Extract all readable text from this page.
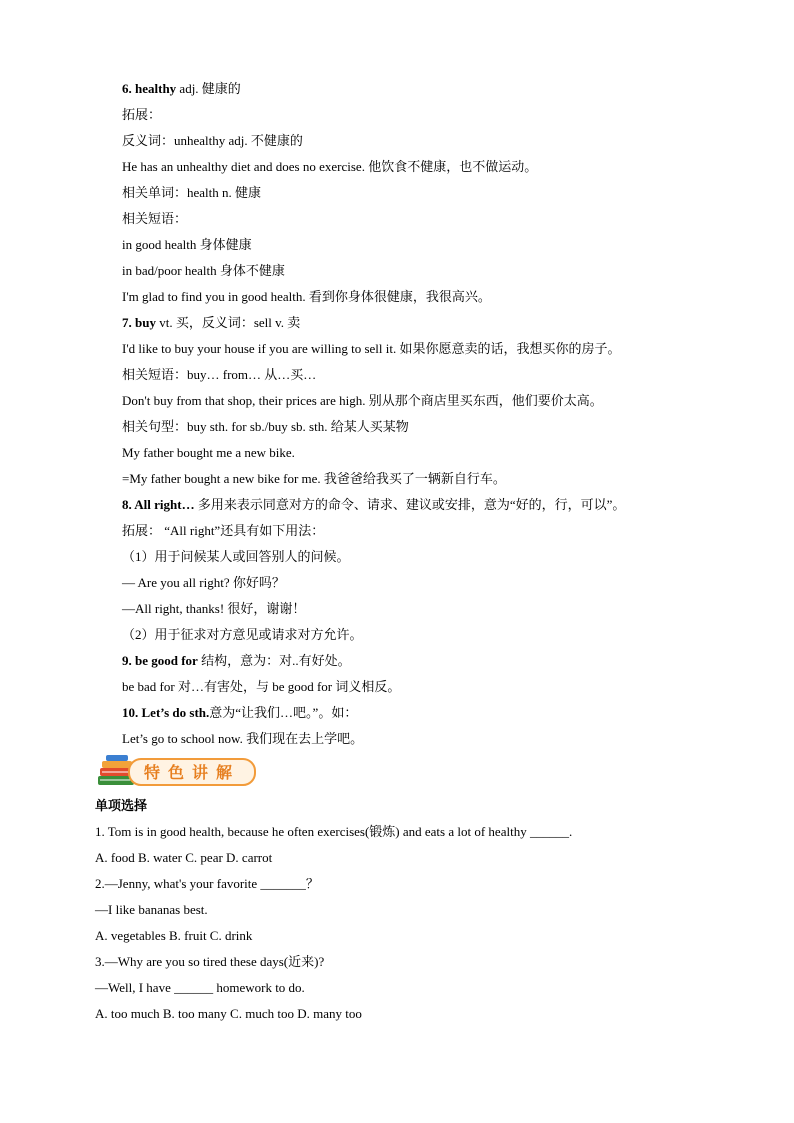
特色讲解
6. healthy adj. 健康的
拓展：
反义词：unhealthy adj. 不健康的
He has an unhealthy diet and does no exercise. 他饮食不健康，也不做运动。
相关单词：health n. 健康
相关短语：
in good health 身体健康
in bad/poor health 身体不健康
I'm glad to find you in good health. 看到你身体很健康，我很高兴。
7. buy vt. 买，反义词：sell v. 卖
I'd like to buy your house if you are willing to sell it. 如果你愿意卖的话，我想买你的房子。
相关短语：buy… from… 从…买…
Don't buy from that shop, their prices are high. 别从那个商店里买东西，他们要价太高。
相关句型：buy sth. for sb./buy sb. sth. 给某人买某物
My father bought me a new bike.
=My father bought a new bike for me. 我爸爸给我买了一辆新自行车。
8. All right… 多用来表示同意对方的命令、请求、建议或安排，意为“好的，行，可以”。
拓展： “All right”还具有如下用法：
（1）用于问候某人或回答别人的问候。
— Are you all right? 你好吗？
—All right, thanks! 很好，谢谢！
（2）用于征求对方意见或请求对方允许。
9. be good for 结构，意为：对..有好处。
be bad for 对…有害处，与 be good for 词义相反。
10. Let’s do sth.意为“让我们…吧。”。如：
Let’s go to school now. 我们现在去上学吧。
单项选择
1. Tom is in good health, because he often exercises(锻炼) and eats a lot of healthy ______.
A. food B. water C. pear D. carrot
2.—Jenny, what's your favorite _______？
—I like bananas best.
A. vegetables B. fruit C. drink
3.—Why are you so tired these days(近来)?
—Well, I have ______ homework to do.
A. too much B. too many C. much too D. many too
